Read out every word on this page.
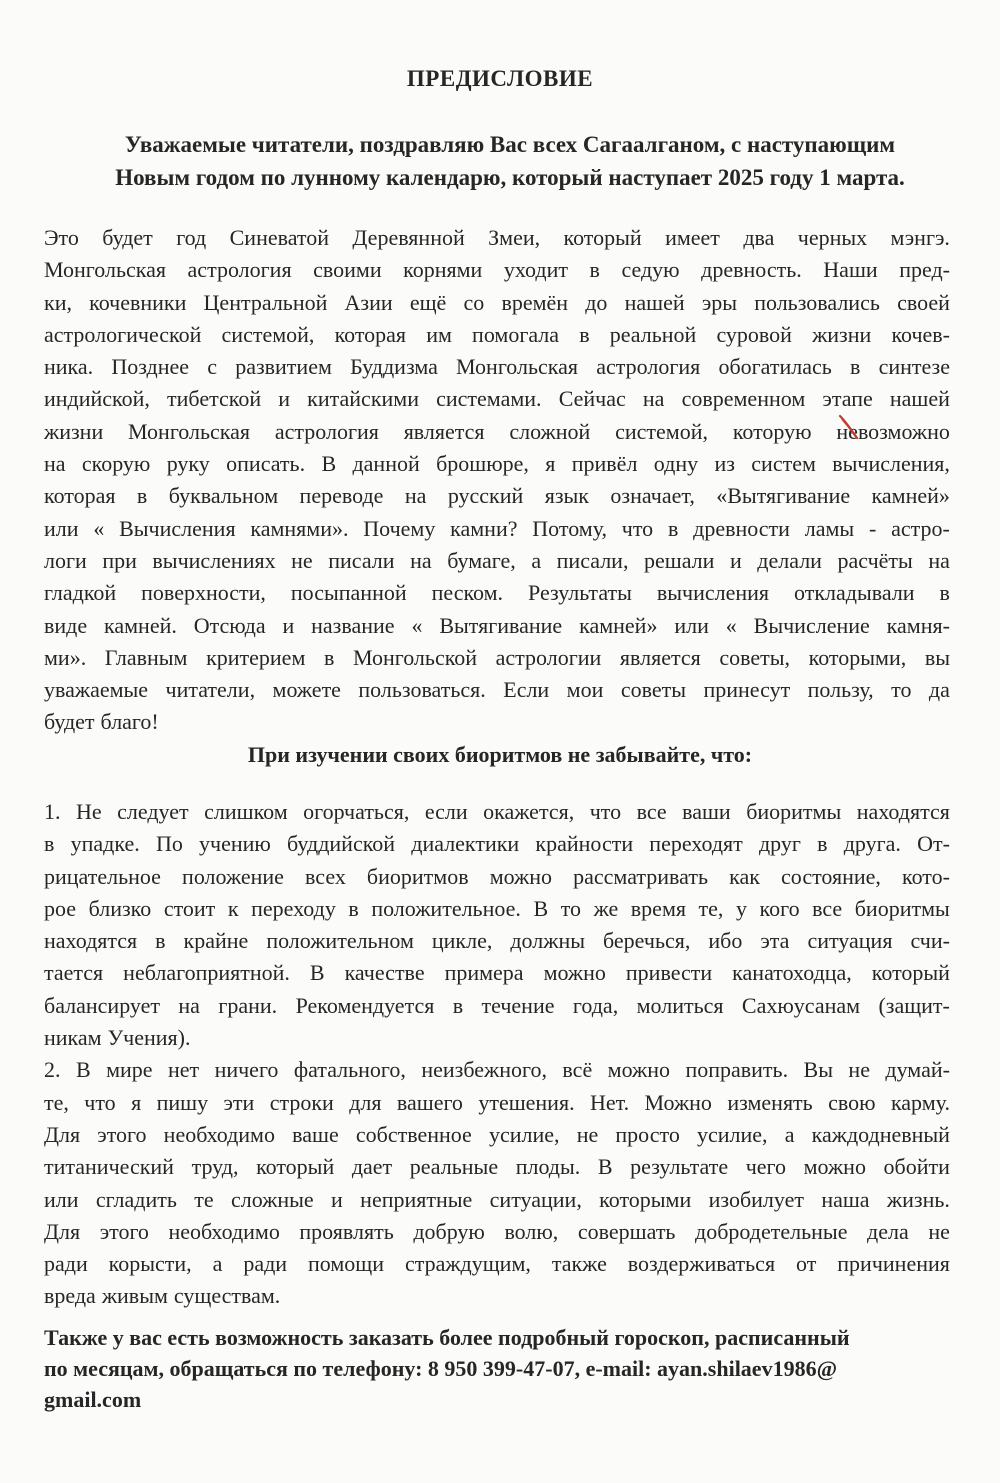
ПРЕДИСЛОВИЕ
Уважаемые читатели, поздравляю Вас всех Сагаалганом, с наступающим
Новым годом по лунному календарю, который наступает 2025 году 1 марта.
Это будет год Синеватой Деревянной Змеи, который имеет два черных мэнгэ.
Монгольская астрология своими корнями уходит в седую древность. Наши пред-
ки, кочевники Центральной Азии ещё со времён до нашей эры пользовались своей
астрологической системой, которая им помогала в реальной суровой жизни кочев-
ника. Позднее с развитием Буддизма Монгольская астрология обогатилась в синтезе
индийской, тибетской и китайскими системами. Сейчас на современном этапе нашей
жизни Монгольская астрология является сложной системой, которую невозможно
на скорую руку описать. В данной брошюре, я привёл одну из систем вычисления,
которая в буквальном переводе на русский язык означает, «Вытягивание камней»
или « Вычисления камнями». Почему камни? Потому, что в древности ламы - астро-
логи при вычислениях не писали на бумаге, а писали, решали и делали расчёты на
гладкой поверхности, посыпанной песком. Результаты вычисления откладывали в
виде камней. Отсюда и название « Вытягивание камней» или « Вычисление камня-
ми». Главным критерием в Монгольской астрологии является советы, которыми, вы
уважаемые читатели, можете пользоваться. Если мои советы принесут пользу, то да
будет благо!
При изучении своих биоритмов не забывайте, что:
1. Не следует слишком огорчаться, если окажется, что все ваши биоритмы находятся
в упадке. По учению буддийской диалектики крайности переходят друг в друга. От-
рицательное положение всех биоритмов можно рассматривать как состояние, кото-
рое близко стоит к переходу в положительное. В то же время те, у кого все биоритмы
находятся в крайне положительном цикле, должны беречься, ибо эта ситуация счи-
тается неблагоприятной. В качестве примера можно привести канатоходца, который
балансирует на грани. Рекомендуется в течение года, молиться Сахюусанам (защит-
никам Учения).
2. В мире нет ничего фатального, неизбежного, всё можно поправить. Вы не думай-
те, что я пишу эти строки для вашего утешения. Нет. Можно изменять свою карму.
Для этого необходимо ваше собственное усилие, не просто усилие, а каждодневный
титанический труд, который дает реальные плоды. В результате чего можно обойти
или сгладить те сложные и неприятные ситуации, которыми изобилует наша жизнь.
Для этого необходимо проявлять добрую волю, совершать добродетельные дела не
ради корысти, а ради помощи страждущим, также воздерживаться от причинения
вреда живым существам.
Также у вас есть возможность заказать более подробный гороскоп, расписанный
по месяцам, обращаться по телефону: 8 950 399-47-07, e-mail: ayan.shilaev1986@
gmail.com
